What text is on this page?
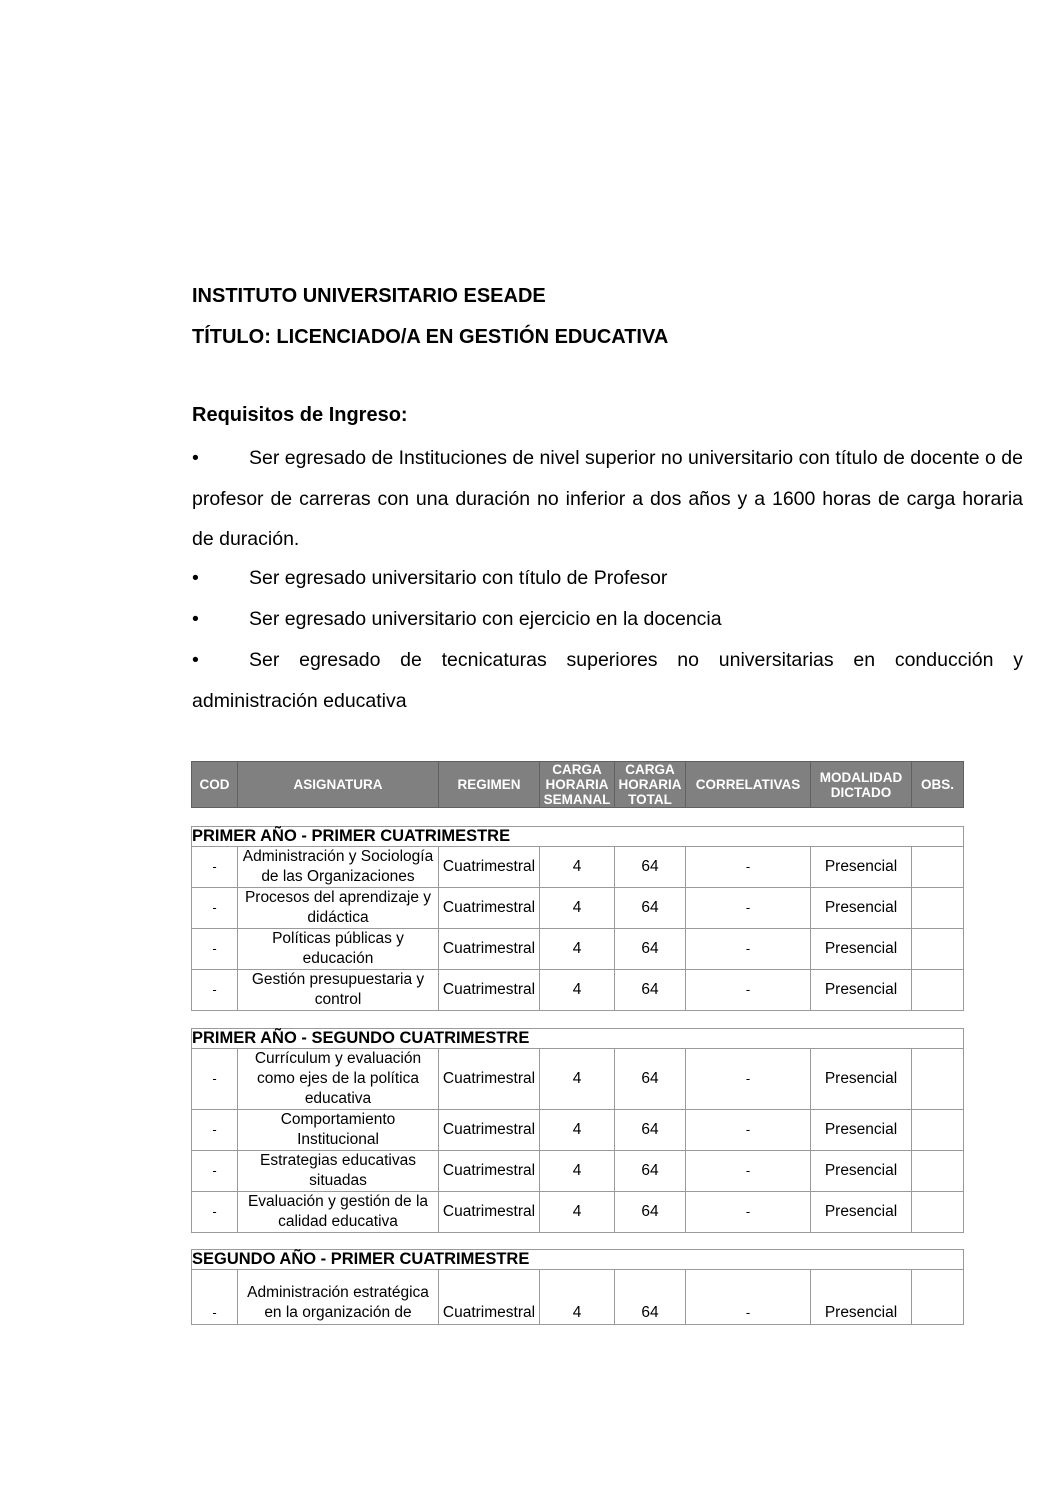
INSTITUTO UNIVERSITARIO ESEADE
TÍTULO: LICENCIADO/A EN GESTIÓN EDUCATIVA
Requisitos de Ingreso:
•	Ser egresado de Instituciones de nivel superior no universitario con título de docente o de profesor de carreras con una duración no inferior a dos años y a 1600 horas de carga horaria de duración.
•	Ser egresado universitario con título de Profesor
•	Ser egresado universitario con ejercicio en la docencia
•	Ser egresado de tecnicaturas superiores no universitarias en conducción y administración educativa
COD	ASIGNATURA	REGIMEN	CARGA HORARIA SEMANAL	CARGA HORARIA TOTAL	CORRELATIVAS	MODALIDAD DICTADO	OBS.
PRIMER AÑO - PRIMER CUATRIMESTRE							
-	Administración y Sociología de las Organizaciones	Cuatrimestral	4	64	-	Presencial	
-	Procesos del aprendizaje y didáctica	Cuatrimestral	4	64	-	Presencial	
-	Políticas públicas y educación	Cuatrimestral	4	64	-	Presencial	
-	Gestión presupuestaria y control	Cuatrimestral	4	64	-	Presencial	
PRIMER AÑO - SEGUNDO CUATRIMESTRE							
-	Currículum y evaluación como ejes de la política educativa	Cuatrimestral	4	64	-	Presencial	
-	Comportamiento Institucional	Cuatrimestral	4	64	-	Presencial	
-	Estrategias educativas situadas	Cuatrimestral	4	64	-	Presencial	
-	Evaluación y gestión de la calidad educativa	Cuatrimestral	4	64	-	Presencial	
SEGUNDO AÑO - PRIMER CUATRIMESTRE
-	Administración estratégica en la organización de	Cuatrimestral	4	64	-	Presencial	
